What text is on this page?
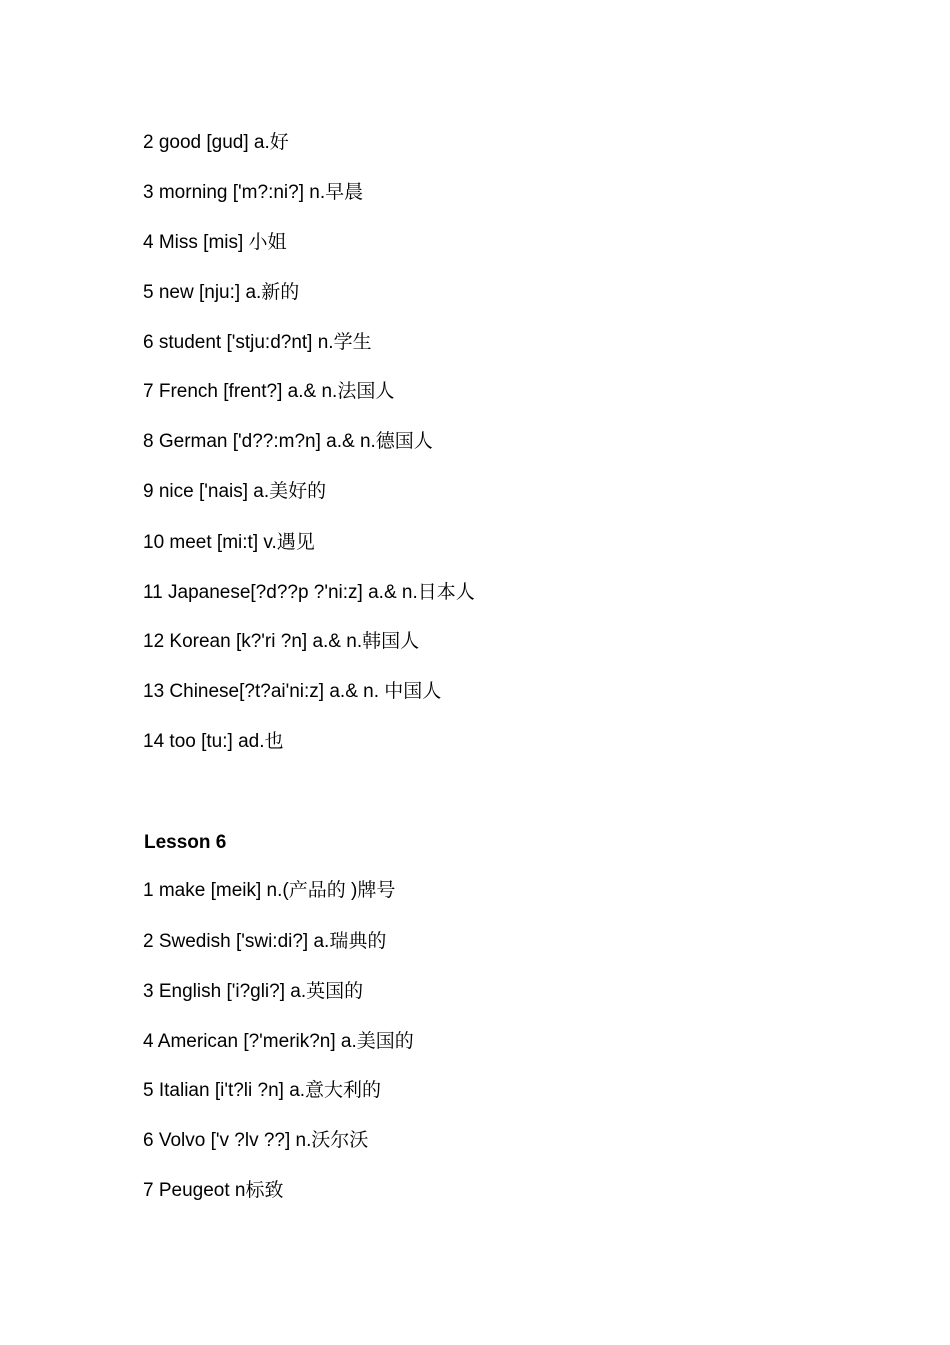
2 good [gud] a.好
3 morning ['m?:ni?] n.早晨
4 Miss [mis] 小姐
5 new [nju:] a.新的
6 student ['stju:d?nt] n.学生
7 French [frent?] a.& n.法国人
8 German ['d??:m?n] a.& n.德国人
9 nice ['nais] a.美好的
10 meet [mi:t] v.遇见
11 Japanese[?d??p ?'ni:z] a.& n.日本人
12 Korean [k?'ri ?n] a.& n.韩国人
13 Chinese[?t?ai'ni:z] a.& n. 中国人
14 too [tu:] ad.也
Lesson 6
1 make [meik] n.(产品的 )牌号
2 Swedish ['swi:di?] a.瑞典的
3 English ['i?gli?] a.英国的
4 American [?'merik?n] a.美国的
5 Italian [i't?li ?n] a.意大利的
6 Volvo ['v ?lv ??] n.沃尔沃
7 Peugeot n标致
